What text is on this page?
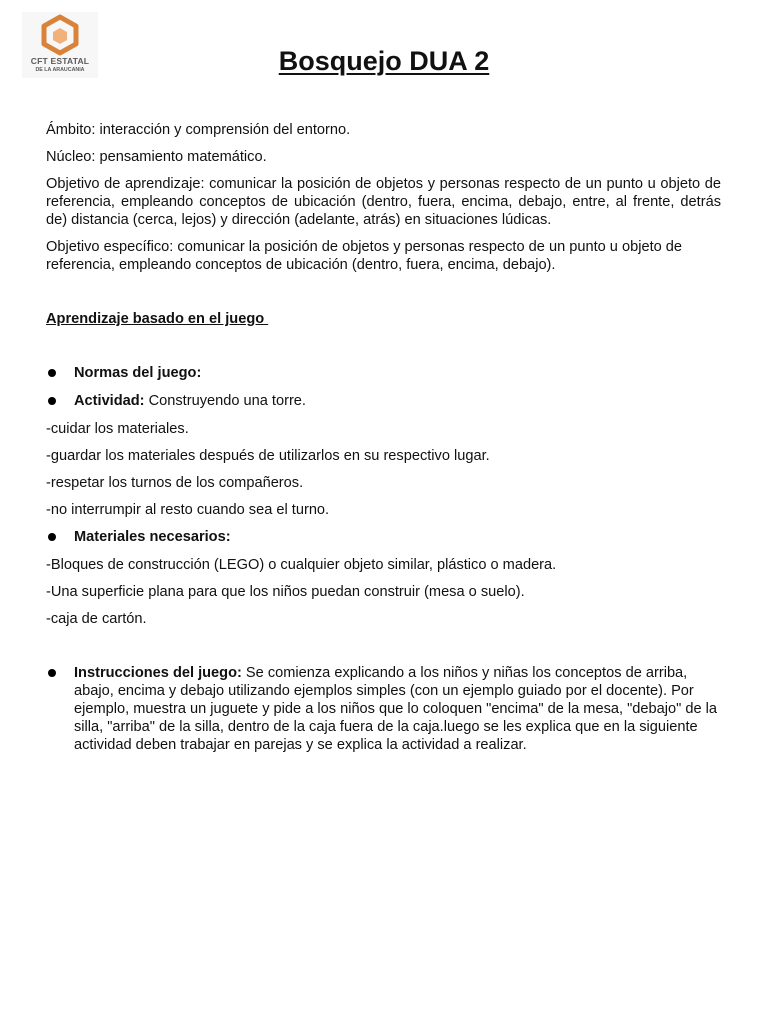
CFT ESTATAL
DE LA ARAUCANIA	Bosquejo DUA 2

Ámbito: interacción y comprensión del entorno.

Núcleo: pensamiento matemático.

Objetivo de aprendizaje: comunicar la posición de objetos y personas respecto de un punto u objeto de referencia, empleando conceptos de ubicación (dentro, fuera, encima, debajo, entre, al frente, detrás de) distancia (cerca, lejos) y dirección (adelante, atrás) en situaciones lúdicas.

Objetivo específico: comunicar la posición de objetos y personas respecto de un punto u objeto de referencia, empleando conceptos de ubicación (dentro, fuera, encima, debajo).

Aprendizaje basado en el juego

Normas del juego:
Actividad: Construyendo una torre.

-cuidar los materiales.

-guardar los materiales después de utilizarlos en su respectivo lugar.

-respetar los turnos de los compañeros.

-no interrumpir al resto cuando sea el turno.

Materiales necesarios:

-Bloques de construcción (LEGO) o cualquier objeto similar, plástico o madera.

-Una superficie plana para que los niños puedan construir (mesa o suelo).

-caja de cartón.

Instrucciones del juego: Se comienza explicando a los niños y niñas los conceptos de arriba, abajo, encima y debajo utilizando ejemplos simples (con un ejemplo guiado por el docente). Por ejemplo, muestra un juguete y pide a los niños que lo coloquen "encima" de la mesa, "debajo" de la silla, "arriba" de la silla, dentro de la caja fuera de la caja.luego se les explica que en la siguiente actividad deben trabajar en parejas y se explica la actividad a realizar.
